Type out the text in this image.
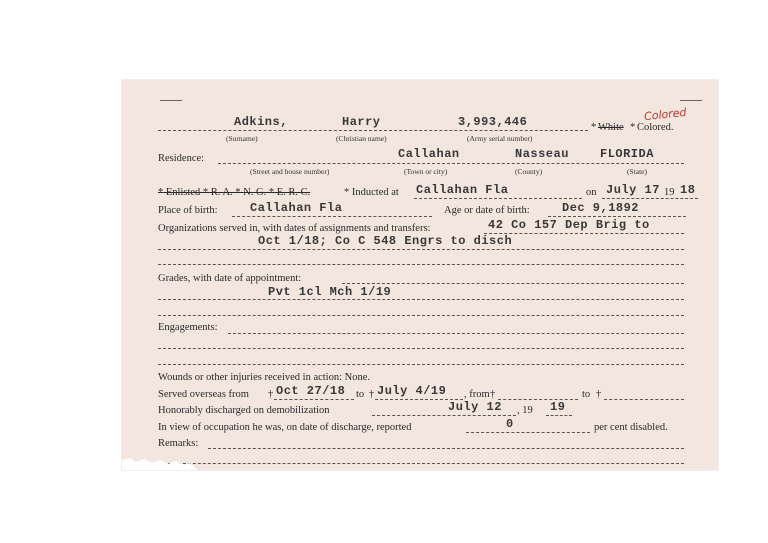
Adkins,	Harry	3,993,446
(Surname)	(Christian name)	(Army serial number)
* White * Colored.
Colored
Residence:	Callahan	Nasseau	FLORIDA
(Street and house number)	(Town or city)	(County)	(State)
* Enlisted * R. A. * N. G. * E. R. C.	* Inducted at Callahan Fla	on July 17 19 18
Place of birth:	Callahan Fla	Age or date of birth:	Dec 9,1892
Organizations served in, with dates of assignments and transfers:	42 Co 157 Dep Brig to
Oct 1/18; Co C 548 Engrs to disch
Grades, with date of appointment:
Pvt 1cl Mch 1/19
Engagements:
Wounds or other injuries received in action: None.
Served overseas from † Oct 27/18 to † July 4/19 , from †	to †
Honorably discharged on demobilization	July 12 , 19 19
In view of occupation he was, on date of discharge, reported	0	per cent disabled.
Remarks:
